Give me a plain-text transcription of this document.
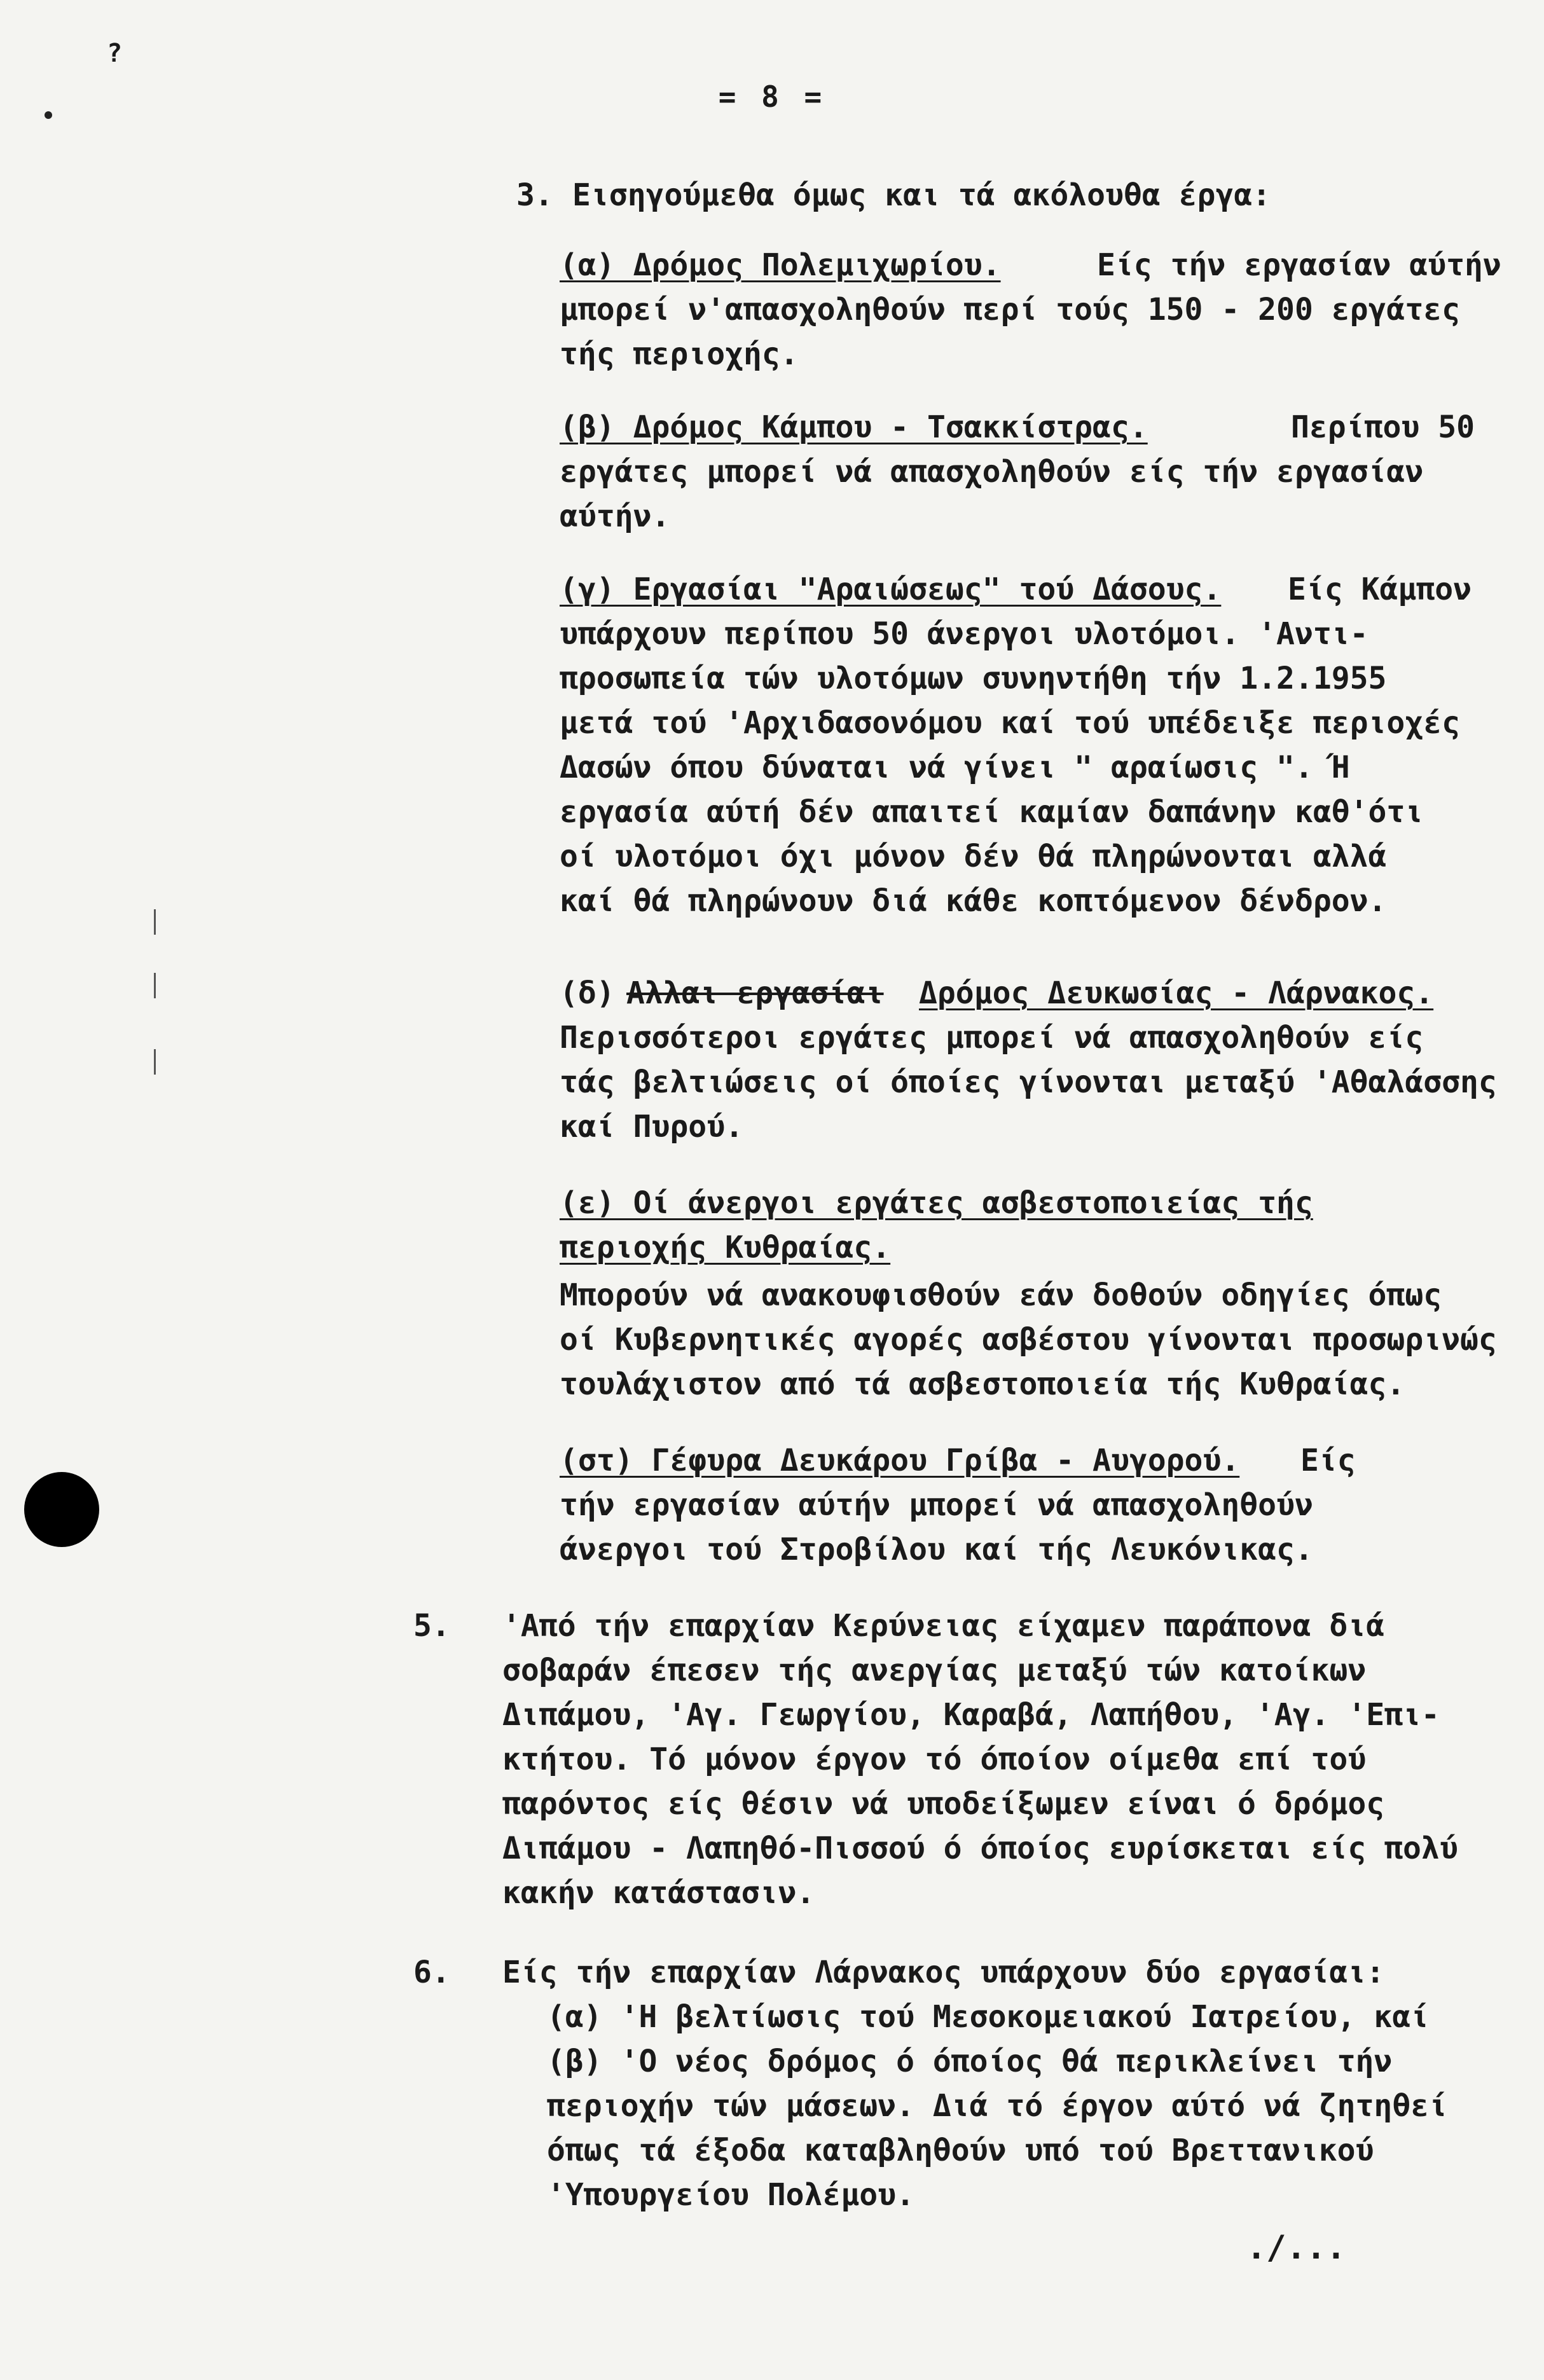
?
= 8 =
3. Εισηγούμεθα όμως και τά ακόλουθα έργα:
(α) Δρόμος Πολεμιχωρίου.	Είς τήν εργασίαν αύτήν
μπορεί ν'απασχοληθούν περί τούς 150 - 200 εργάτες
τής περιοχής.
(β) Δρόμος Κάμπου - Τσακκίστρας.	Περίπου 50
εργάτες μπορεί νά απασχοληθούν είς τήν εργασίαν
αύτήν.
(γ) Εργασίαι "Αραιώσεως" τού Δάσους. Είς Κάμπον
υπάρχουν περίπου 50 άνεργοι υλοτόμοι. 'Αντι-
προσωπεία τών υλοτόμων συνηντήθη τήν 1.2.1955
μετά τού 'Αρχιδασονόμου καί τού υπέδειξε περιοχές
Δασών όπου δύναται νά γίνει " αραίωσις ". Ή
εργασία αύτή δέν απαιτεί καμίαν δαπάνην καθ'ότι
οί υλοτόμοι όχι μόνον δέν θά πληρώνονται αλλά
καί θά πληρώνουν διά κάθε κοπτόμενον δένδρον.
(δ) Αλλαι εργασίαι Δρόμος Δευκωσίας - Λάρνακος.
Περισσότεροι εργάτες μπορεί νά απασχοληθούν είς
τάς βελτιώσεις οί όποίες γίνονται μεταξύ 'Αθαλάσσης
καί Πυρού.
(ε) Οί άνεργοι εργάτες ασβεστοποιείας τής
περιοχής Κυθραίας.
Μπορούν νά ανακουφισθούν εάν δοθούν οδηγίες όπως
οί Κυβερνητικές αγορές ασβέστου γίνονται προσωρινώς
τουλάχιστον από τά ασβεστοποιεία τής Κυθραίας.
(στ) Γέφυρα Δευκάρου Γρίβα - Αυγορού. Είς
τήν εργασίαν αύτήν μπορεί νά απασχοληθούν
άνεργοι τού Στροβίλου καί τής Λευκόνικας.
5. 'Από τήν επαρχίαν Κερύνειας είχαμεν παράπονα διά
σοβαράν έπεσεν τής ανεργίας μεταξύ τών κατοίκων
Διπάμου, 'Αγ. Γεωργίου, Καραβά, Λαπήθου, 'Αγ. 'Επι-
κτήτου. Τό μόνον έργον τό όποίον οίμεθα επί τού
παρόντος είς θέσιν νά υποδείξωμεν είναι ό δρόμος
Διπάμου - Λαπηθό-Πισσού ό όποίος ευρίσκεται είς πολύ
κακήν κατάστασιν.
6. Είς τήν επαρχίαν Λάρνακος υπάρχουν δύο εργασίαι:
(α) 'Η βελτίωσις τού Μεσοκομειακού Ιατρείου, καί
(β) 'Ο νέος δρόμος ό όποίος θά περικλείνει τήν
περιοχήν τών μάσεων. Διά τό έργον αύτό νά ζητηθεί
όπως τά έξοδα καταβληθούν υπό τού Βρεττανικού
'Υπουργείου Πολέμου.
./...
